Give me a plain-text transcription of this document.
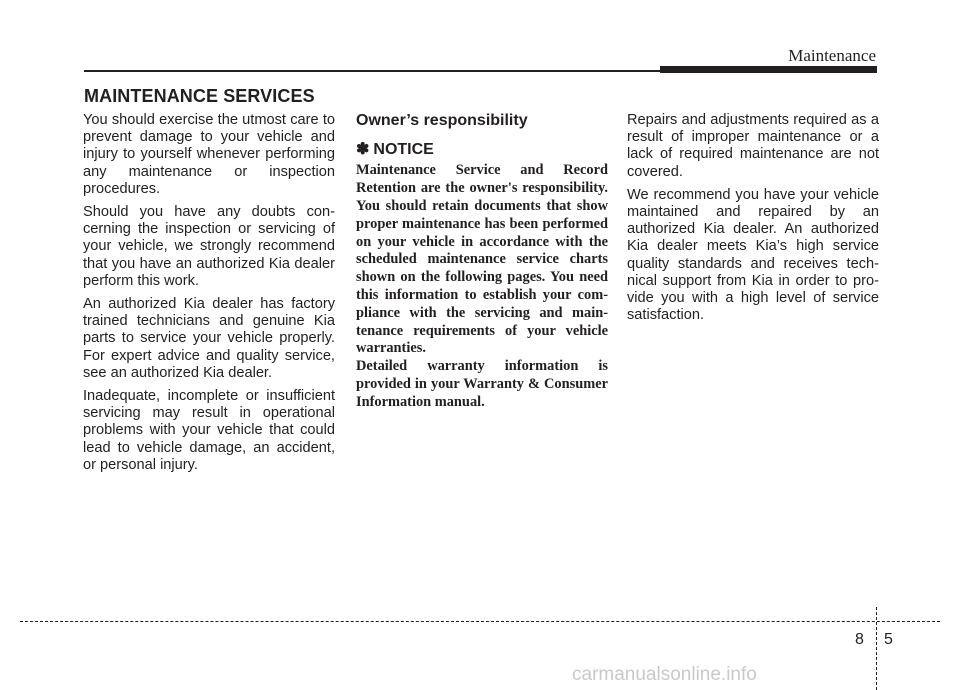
Maintenance
MAINTENANCE SERVICES

You should exercise the utmost care to prevent damage to your vehicle and injury to yourself whenever performing any maintenance or inspection procedures.

Should you have any doubts concerning the inspection or servicing of your vehicle, we strongly recommend that you have an authorized Kia dealer perform this work.

An authorized Kia dealer has factory trained technicians and genuine Kia parts to service your vehicle properly. For expert advice and quality service, see an authorized Kia dealer.

Inadequate, incomplete or insufficient servicing may result in operational problems with your vehicle that could lead to vehicle damage, an accident, or personal injury.

Owner’s responsibility
✽ NOTICE

Maintenance Service and Record Retention are the owner's responsibility. You should retain documents that show proper maintenance has been performed on your vehicle in accordance with the scheduled maintenance service charts shown on the following pages. You need this information to establish your compliance with the servicing and maintenance requirements of your vehicle warranties.

Detailed warranty information is provided in your Warranty & Consumer Information manual.

Repairs and adjustments required as a result of improper maintenance or a lack of required maintenance are not covered.

We recommend you have your vehicle maintained and repaired by an authorized Kia dealer. An authorized Kia dealer meets Kia’s high service quality standards and receives technical support from Kia in order to provide you with a high level of service satisfaction.

8 5
carmanualsonline.info
